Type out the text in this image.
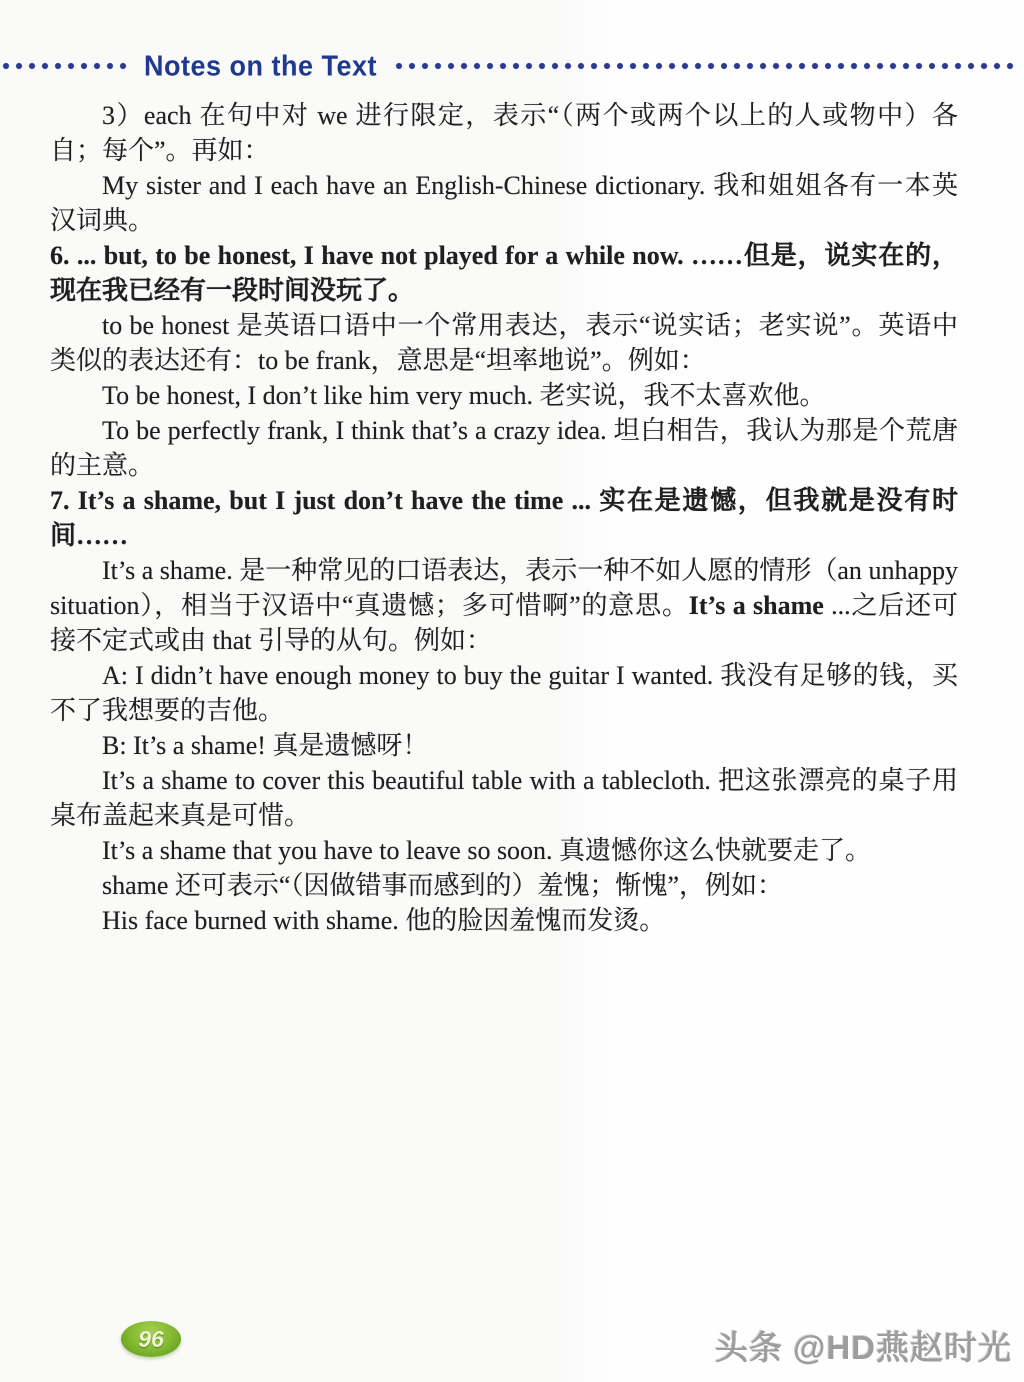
Notes on the Text

3）each 在句中对 we 进行限定，表示“（两个或两个以上的人或物中）各自；每个”。再如：

My sister and I each have an English-Chinese dictionary. 我和姐姐各有一本英汉词典。

6. ... but, to be honest, I have not played for a while now. ……但是，说实在的，现在我已经有一段时间没玩了。

to be honest 是英语口语中一个常用表达，表示“说实话；老实说”。英语中类似的表达还有：to be frank，意思是“坦率地说”。例如：

To be honest, I don’t like him very much. 老实说，我不太喜欢他。

To be perfectly frank, I think that’s a crazy idea. 坦白相告，我认为那是个荒唐的主意。

7. It’s a shame, but I just don’t have the time ... 实在是遗憾，但我就是没有时间……

It’s a shame. 是一种常见的口语表达，表示一种不如人愿的情形（an unhappy situation），相当于汉语中“真遗憾；多可惜啊”的意思。It’s a shame ...之后还可接不定式或由 that 引导的从句。例如：

A: I didn’t have enough money to buy the guitar I wanted. 我没有足够的钱，买不了我想要的吉他。

B: It’s a shame! 真是遗憾呀！

It’s a shame to cover this beautiful table with a tablecloth. 把这张漂亮的桌子用桌布盖起来真是可惜。

It’s a shame that you have to leave so soon. 真遗憾你这么快就要走了。

shame 还可表示“（因做错事而感到的）羞愧；惭愧”，例如：

His face burned with shame. 他的脸因羞愧而发烫。

96	头条 @HD燕赵时光
